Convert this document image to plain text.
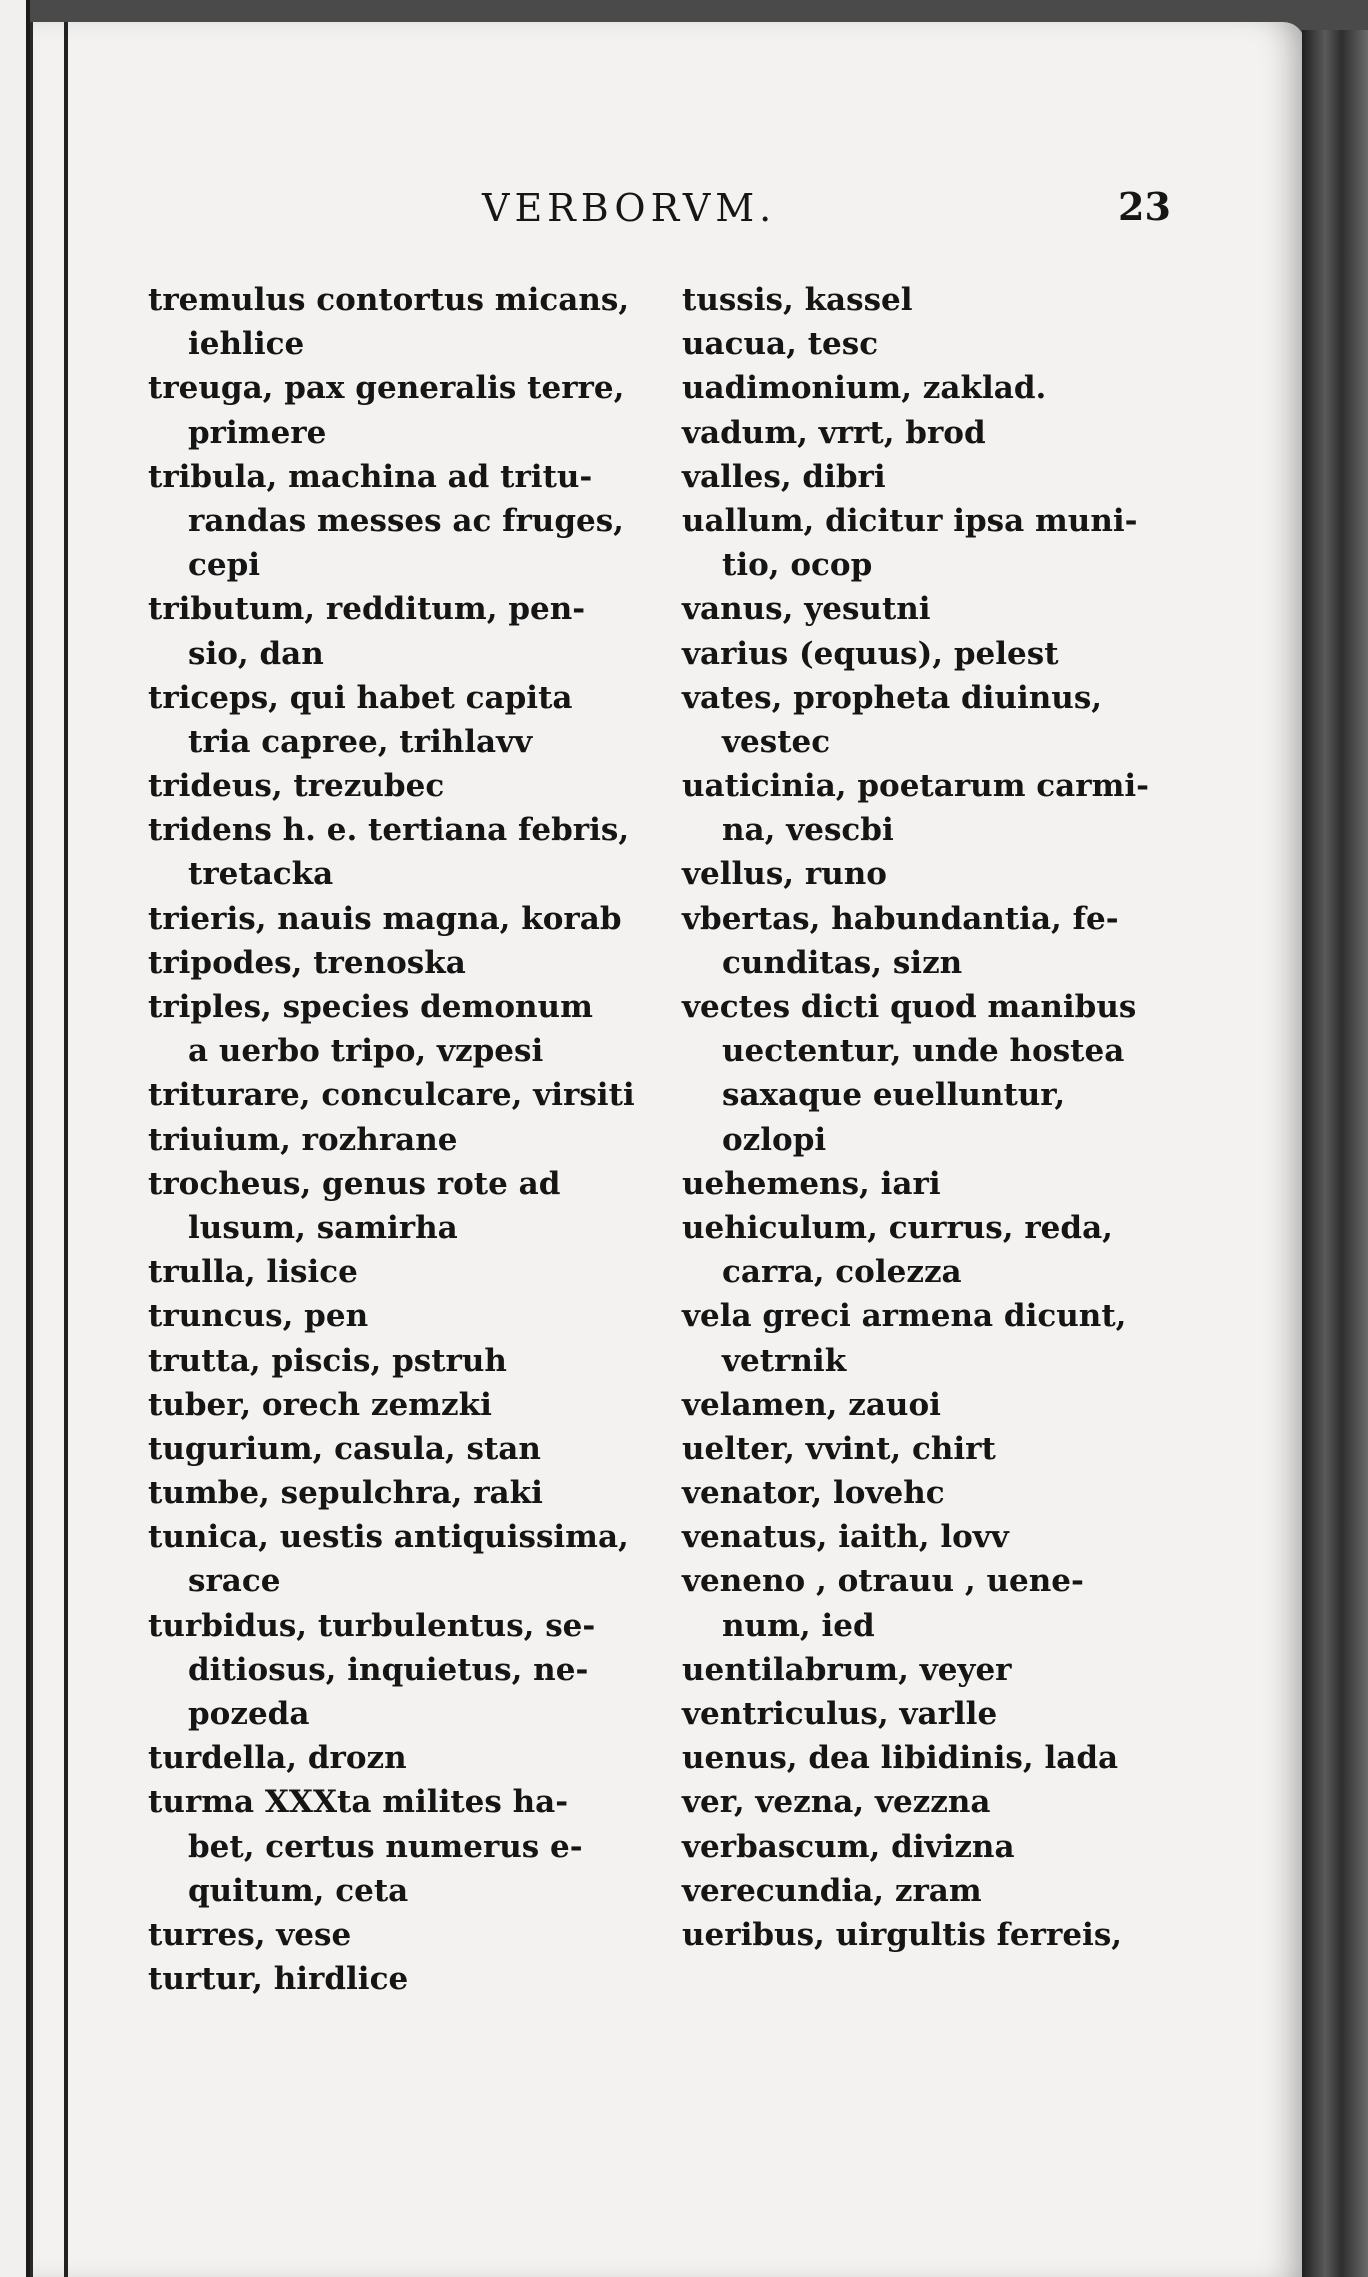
VERBORVM.	23
tremulus contortus micans,
iehlice
treuga, pax generalis terre,
primere
tribula, machina ad tritu-
randas messes ac fruges,
cepi
tributum, redditum, pen-
sio, dan
triceps, qui habet capita
tria capree, trihlavv
trideus, trezubec
tridens h. e. tertiana febris,
tretacka
trieris, nauis magna, korab
tripodes, trenoska
triples, species demonum
a uerbo tripo, vzpesi
triturare, conculcare, virsiti
triuium, rozhrane
trocheus, genus rote ad
lusum, samirha
trulla, lisice
truncus, pen
trutta, piscis, pstruh
tuber, orech zemzki
tugurium, casula, stan
tumbe, sepulchra, raki
tunica, uestis antiquissima,
srace
turbidus, turbulentus, se-
ditiosus, inquietus, ne-
pozeda
turdella, drozn
turma XXXta milites ha-
bet, certus numerus e-
quitum, ceta
turres, vese
turtur, hirdlice
tussis, kassel
uacua, tesc
uadimonium, zaklad.
vadum, vrrt, brod
valles, dibri
uallum, dicitur ipsa muni-
tio, ocop
vanus, yesutni
varius (equus), pelest
vates, propheta diuinus,
vestec
uaticinia, poetarum carmi-
na, vescbi
vellus, runo
vbertas, habundantia, fe-
cunditas, sizn
vectes dicti quod manibus
uectentur, unde hostea
saxaque euelluntur,
ozlopi
uehemens, iari
uehiculum, currus, reda,
carra, colezza
vela greci armena dicunt,
vetrnik
velamen, zauoi
uelter, vvint, chirt
venator, lovehc
venatus, iaith, lovv
veneno , otrauu , uene-
num, ied
uentilabrum, veyer
ventriculus, varlle
uenus, dea libidinis, lada
ver, vezna, vezzna
verbascum, divizna
verecundia, zram
ueribus, uirgultis ferreis,
